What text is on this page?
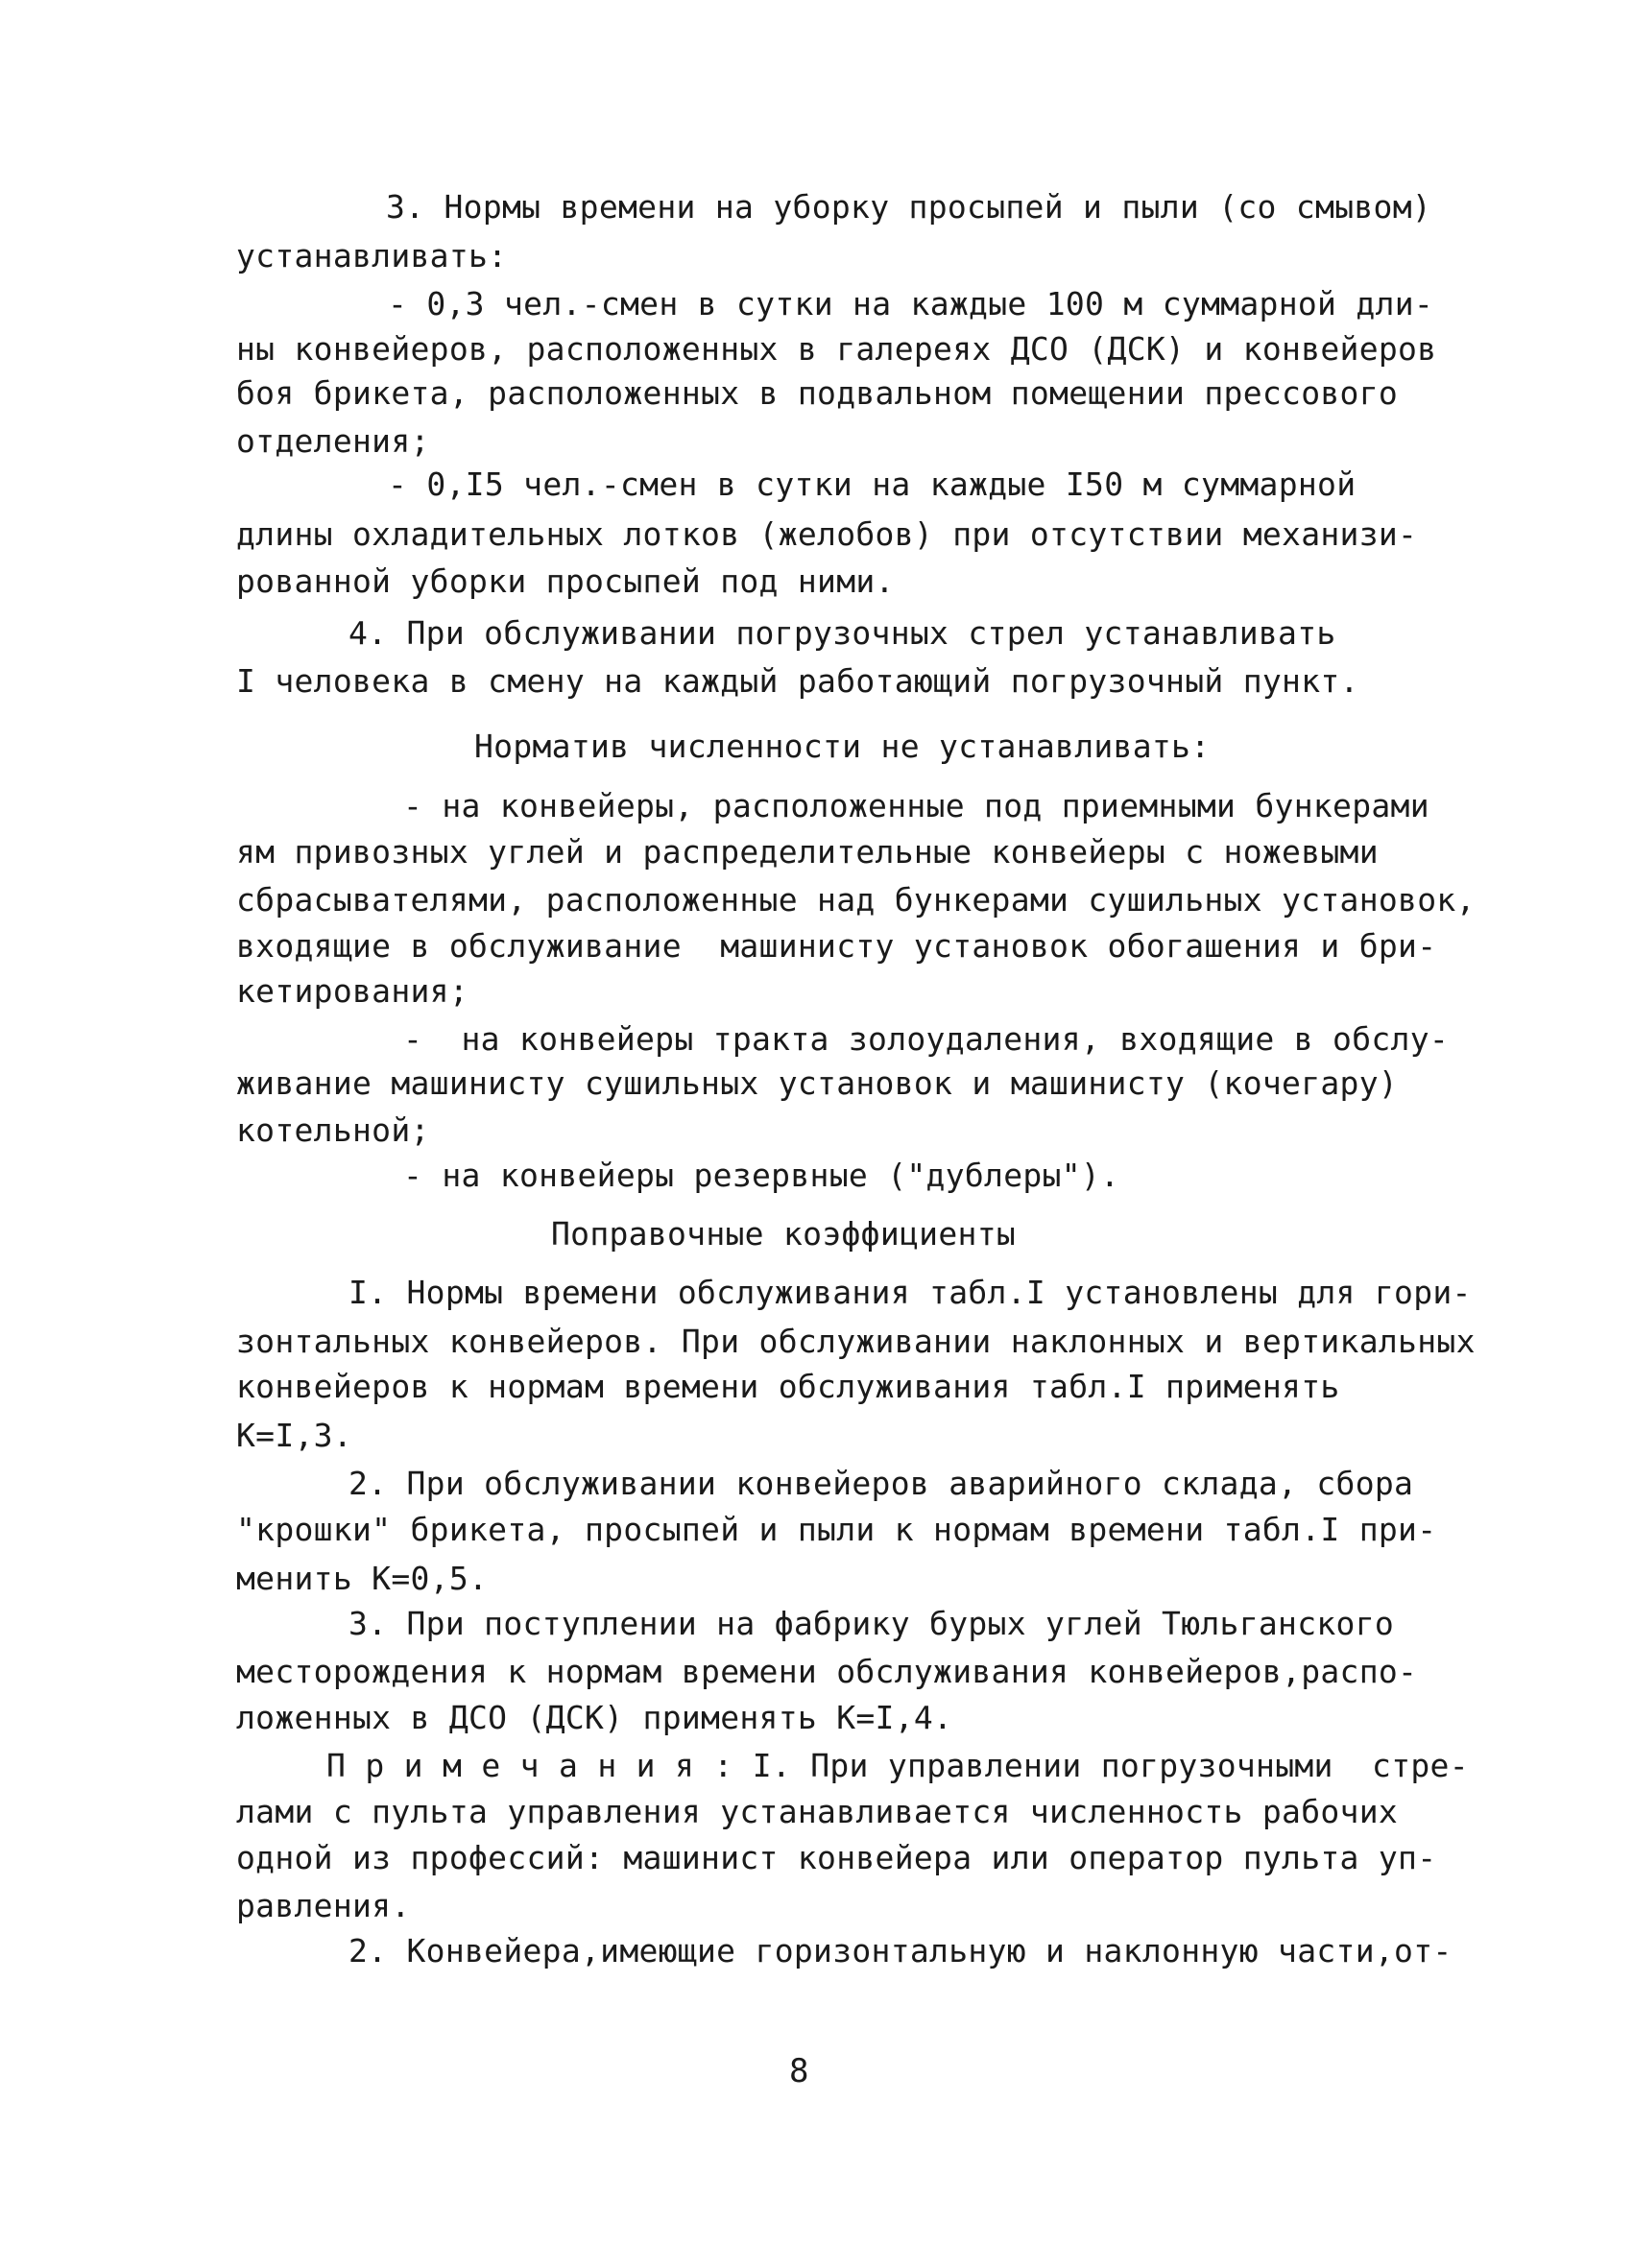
3. Нормы времени на уборку просыпей и пыли (со смывом)
устанавливать:
- 0,3 чел.-смен в сутки на каждые 100 м суммарной дли-
ны конвейеров, расположенных в галереях ДСО (ДСК) и конвейеров
боя брикета, расположенных в подвальном помещении прессового
отделения;
- 0,I5 чел.-смен в сутки на каждые I50 м суммарной
длины охладительных лотков (желобов) при отсутствии механизи-
рованной уборки просыпей под ними.
4. При обслуживании погрузочных стрел устанавливать
I человека в смену на каждый работающий погрузочный пункт.
Норматив численности не устанавливать:
- на конвейеры, расположенные под приемными бункерами
ям привозных углей и распределительные конвейеры с ножевыми
сбрасывателями, расположенные над бункерами сушильных установок,
входящие в обслуживание  машинисту установок обогашения и бри-
кетирования;
-  на конвейеры тракта золоудаления, входящие в обслу-
живание машинисту сушильных установок и машинисту (кочегару)
котельной;
- на конвейеры резервные ("дублеры").
Поправочные коэффициенты
I. Нормы времени обслуживания табл.I установлены для гори-
зонтальных конвейеров. При обслуживании наклонных и вертикальных
конвейеров к нормам времени обслуживания табл.I применять
К=I,3.
2. При обслуживании конвейеров аварийного склада, сбора
"крошки" брикета, просыпей и пыли к нормам времени табл.I при-
менить К=0,5.
3. При поступлении на фабрику бурых углей Тюльганского
месторождения к нормам времени обслуживания конвейеров,распо-
ложенных в ДСО (ДСК) применять К=I,4.
П р и м е ч а н и я : I. При управлении погрузочными  стре-
лами с пульта управления устанавливается численность рабочих
одной из профессий: машинист конвейера или оператор пульта уп-
равления.
2. Конвейера,имеющие горизонтальную и наклонную части,от-
8
